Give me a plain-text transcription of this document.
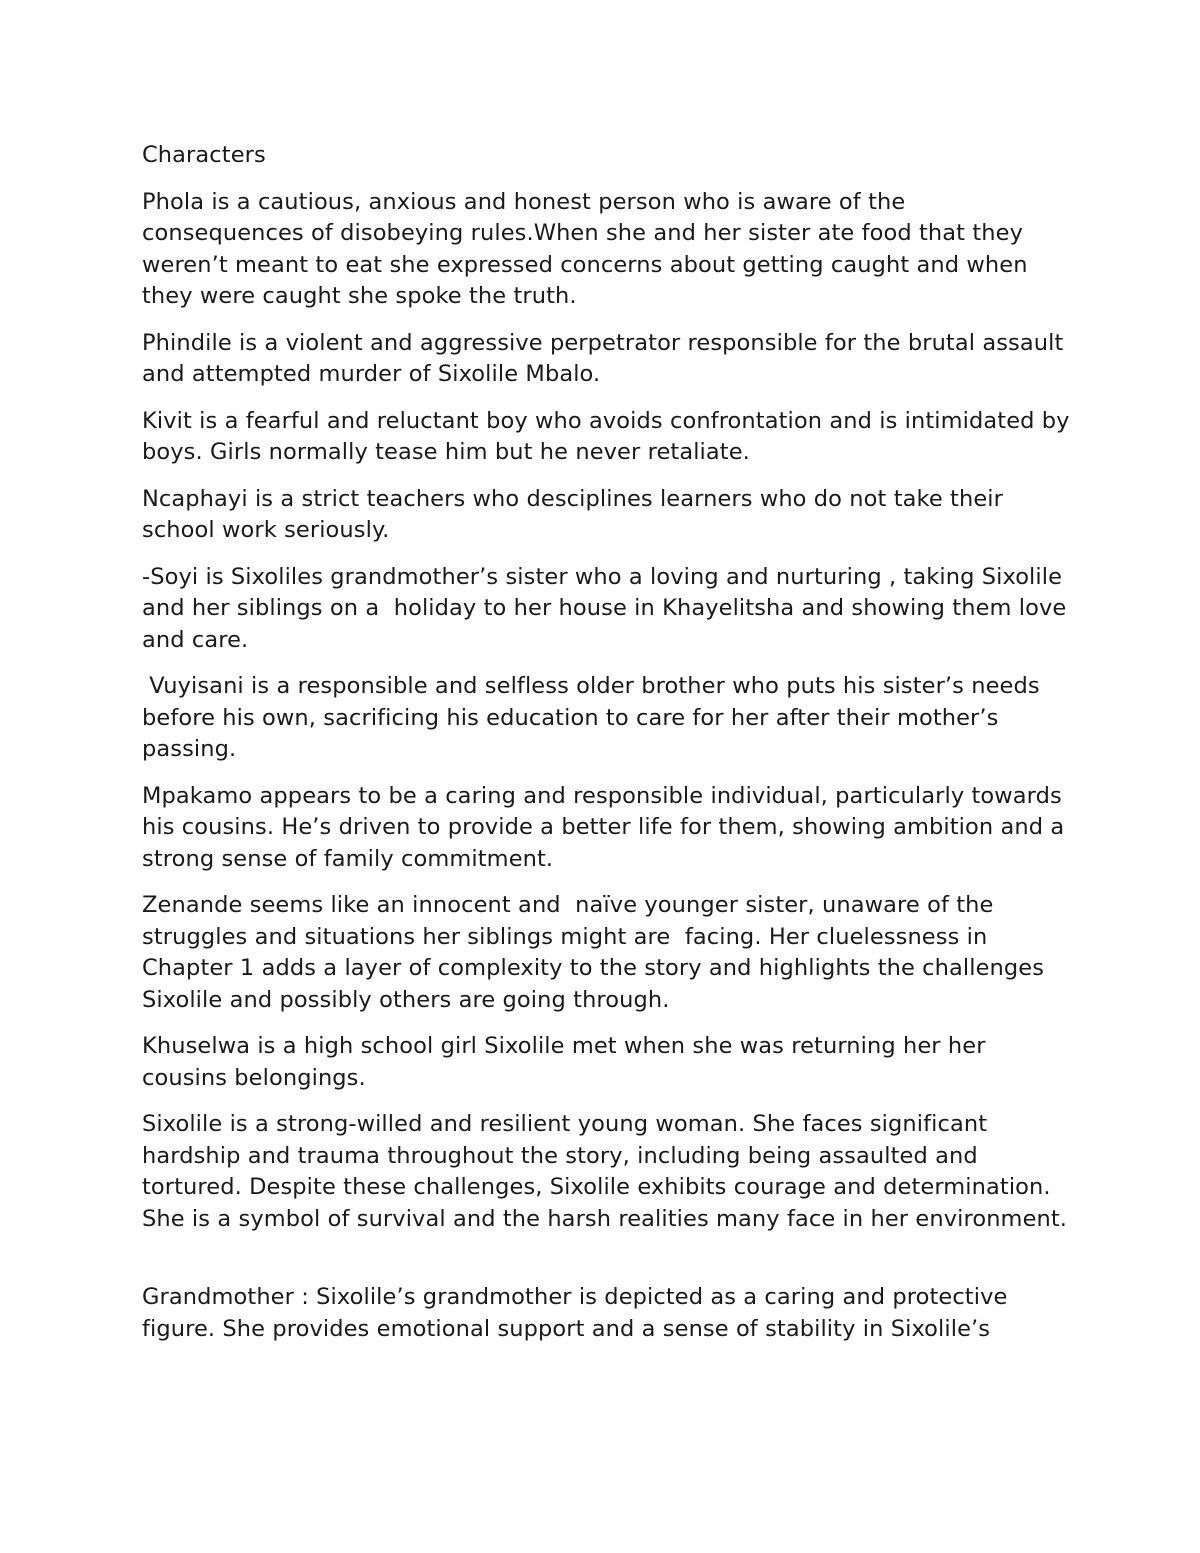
Characters
Phola is a cautious, anxious and honest person who is aware of the consequences of disobeying rules.When she and her sister ate food that they weren’t meant to eat she expressed concerns about getting caught and when they were caught she spoke the truth.
Phindile is a violent and aggressive perpetrator responsible for the brutal assault and attempted murder of Sixolile Mbalo.
Kivit is a fearful and reluctant boy who avoids confrontation and is intimidated by boys. Girls normally tease him but he never retaliate.
Ncaphayi is a strict teachers who desciplines learners who do not take their school work seriously.
-Soyi is Sixoliles grandmother’s sister who a loving and nurturing , taking Sixolile and her siblings on a  holiday to her house in Khayelitsha and showing them love and care.
Vuyisani is a responsible and selfless older brother who puts his sister’s needs before his own, sacrificing his education to care for her after their mother’s passing.
Mpakamo appears to be a caring and responsible individual, particularly towards his cousins. He’s driven to provide a better life for them, showing ambition and a strong sense of family commitment.
Zenande seems like an innocent and  naïve younger sister, unaware of the struggles and situations her siblings might are  facing. Her cluelessness in Chapter 1 adds a layer of complexity to the story and highlights the challenges Sixolile and possibly others are going through.
Khuselwa is a high school girl Sixolile met when she was returning her her cousins belongings.
Sixolile is a strong-willed and resilient young woman. She faces significant hardship and trauma throughout the story, including being assaulted and tortured. Despite these challenges, Sixolile exhibits courage and determination. She is a symbol of survival and the harsh realities many face in her environment.
Grandmother : Sixolile’s grandmother is depicted as a caring and protective figure. She provides emotional support and a sense of stability in Sixolile’s
